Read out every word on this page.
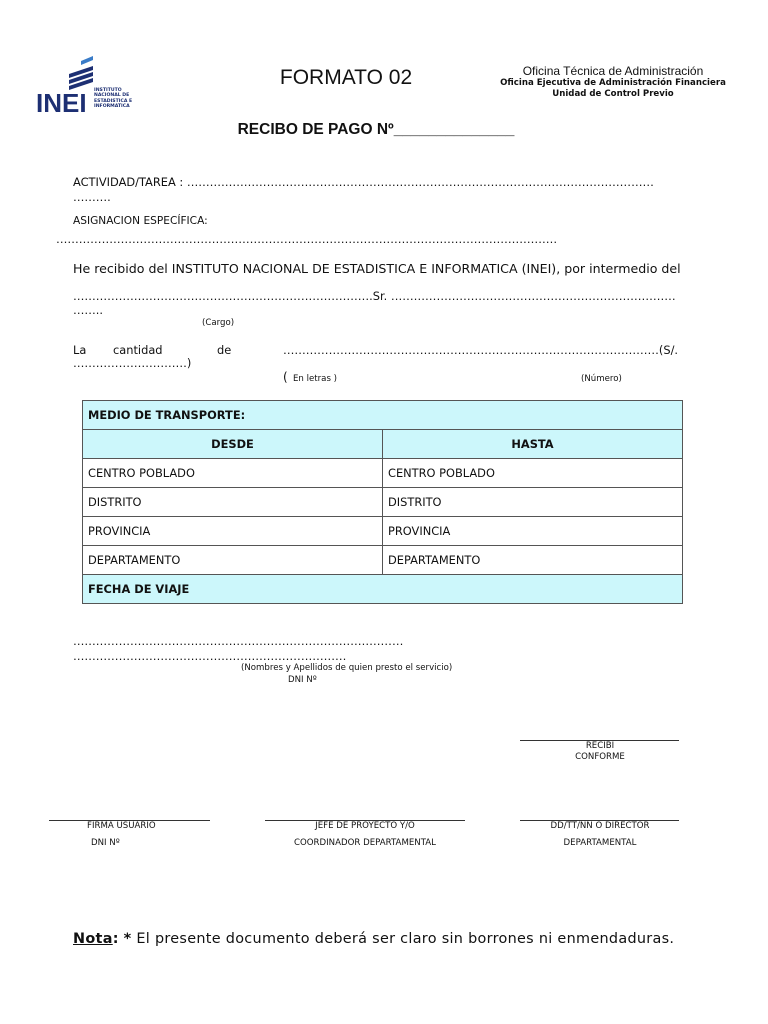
INEI INSTITUTO
NACIONAL DE
ESTADISTICA E
INFORMATICA
FORMATO 02	Oficina Técnica de Administración
Oficina Ejecutiva de Administración Financiera
Unidad de Control Previo
RECIBO DE PAGO Nº______________
ACTIVIDAD/TAREA : ……………………………………………………………………………………………………………
……….
ASIGNACION ESPECÍFICA:
……………………………………………………………………………………………………………………
He recibido del INSTITUTO NACIONAL DE ESTADISTICA E INFORMATICA (INEI), por intermedio del
…………………………………………………………………….Sr. …………………………………………………………………
……..
(Cargo)
La cantidad	de	………………………………………………………………………………………(S/.
…………………………)
( En letras )	(Número)
MEDIO DE TRANSPORTE:	
DESDE	HASTA
CENTRO POBLADO	CENTRO POBLADO
DISTRITO	DISTRITO
PROVINCIA	PROVINCIA
DEPARTAMENTO	DEPARTAMENTO
FECHA DE VIAJE	
……………………………………………………………………………
………………………………………………………………
(Nombres y Apellidos de quien presto el servicio)
DNI Nº
RECIBI
CONFORME
FIRMA USUARIO
DNI Nº
JEFE DE PROYECTO Y/O
COORDINADOR DEPARTAMENTAL
DD/TT/NN O DIRECTOR
DEPARTAMENTAL
Nota: * El presente documento deberá ser claro sin borrones ni enmendaduras.
